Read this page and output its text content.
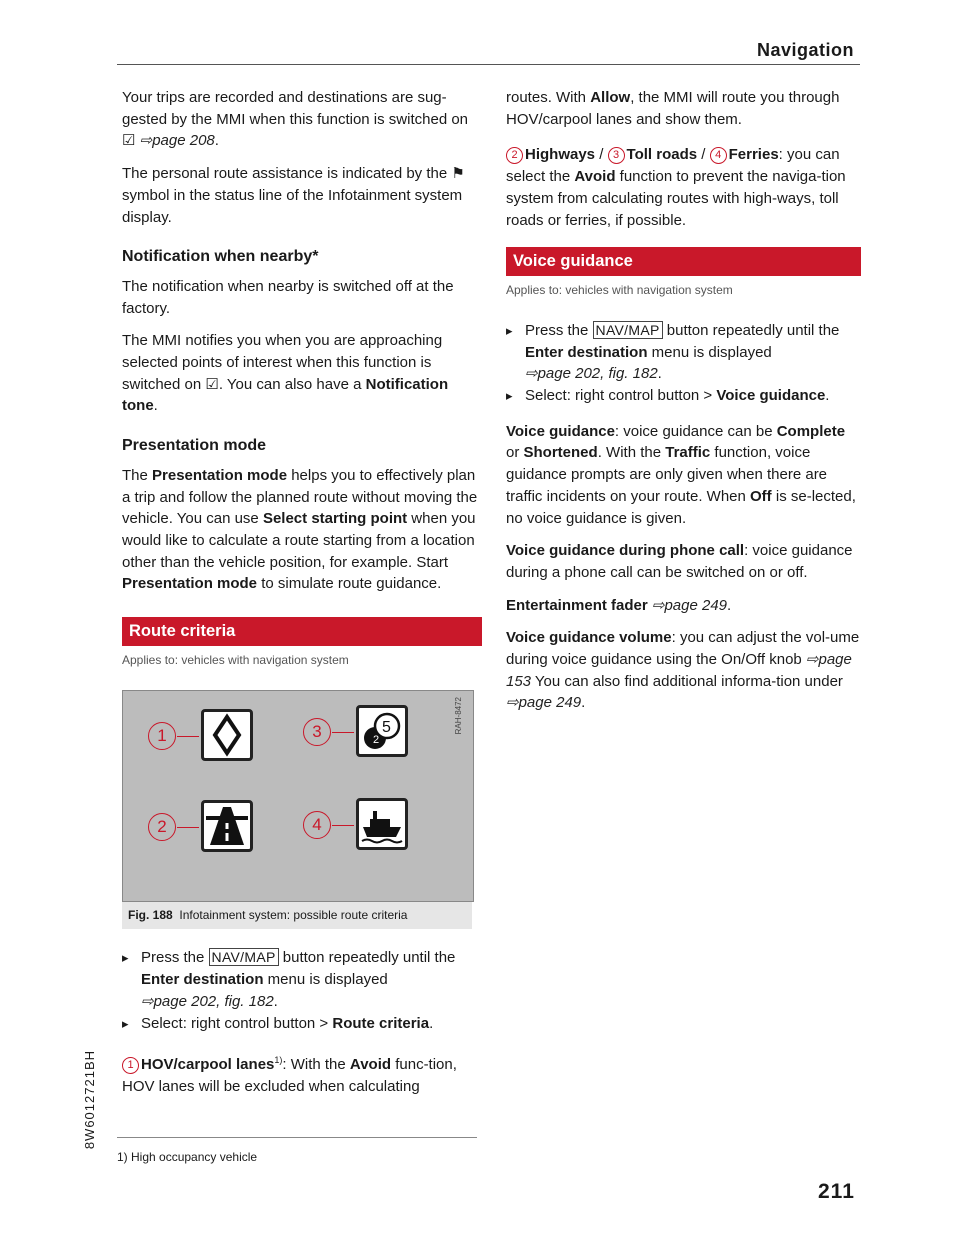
Navigation

Your trips are recorded and destinations are sug-gested by the MMI when this function is switched on ☑ ⇨page 208.

The personal route assistance is indicated by the ⚑ symbol in the status line of the Infotainment system display.

Notification when nearby*

The notification when nearby is switched off at the factory.

The MMI notifies you when you are approaching selected points of interest when this function is switched on ☑. You can also have a Notification tone.

Presentation mode

The Presentation mode helps you to effectively plan a trip and follow the planned route without moving the vehicle. You can use Select starting point when you would like to calculate a route starting from a location other than the vehicle position, for example. Start Presentation mode to simulate route guidance.

Route criteria
Applies to: vehicles with navigation system
RAH-8472
1	3	2
5
2	4
Fig. 188 Infotainment system: possible route criteria

▸ Press the NAV/MAP button repeatedly until the Enter destination menu is displayed
⇨page 202, fig. 182.

▸ Select: right control button > Route criteria.

1 HOV/carpool lanes$^{1)}$: With the Avoid func-tion, HOV lanes will be excluded when calculating

1) High occupancy vehicle

routes. With Allow, the MMI will route you through HOV/carpool lanes and show them.

2 Highways / 3 Toll roads / 4 Ferries: you can select the Avoid function to prevent the naviga-tion system from calculating routes with high-ways, toll roads or ferries, if possible.

Voice guidance
Applies to: vehicles with navigation system

▸ Press the NAV/MAP button repeatedly until the Enter destination menu is displayed
⇨page 202, fig. 182.

▸ Select: right control button > Voice guidance.

Voice guidance: voice guidance can be Complete or Shortened. With the Traffic function, voice guidance prompts are only given when there are traffic incidents on your route. When Off is se-lected, no voice guidance is given.

Voice guidance during phone call: voice guidance during a phone call can be switched on or off.

Entertainment fader ⇨page 249.

Voice guidance volume: you can adjust the vol-ume during voice guidance using the On/Off knob ⇨page 153 You can also find additional informa-tion under ⇨page 249.

8W6012721BH
211
